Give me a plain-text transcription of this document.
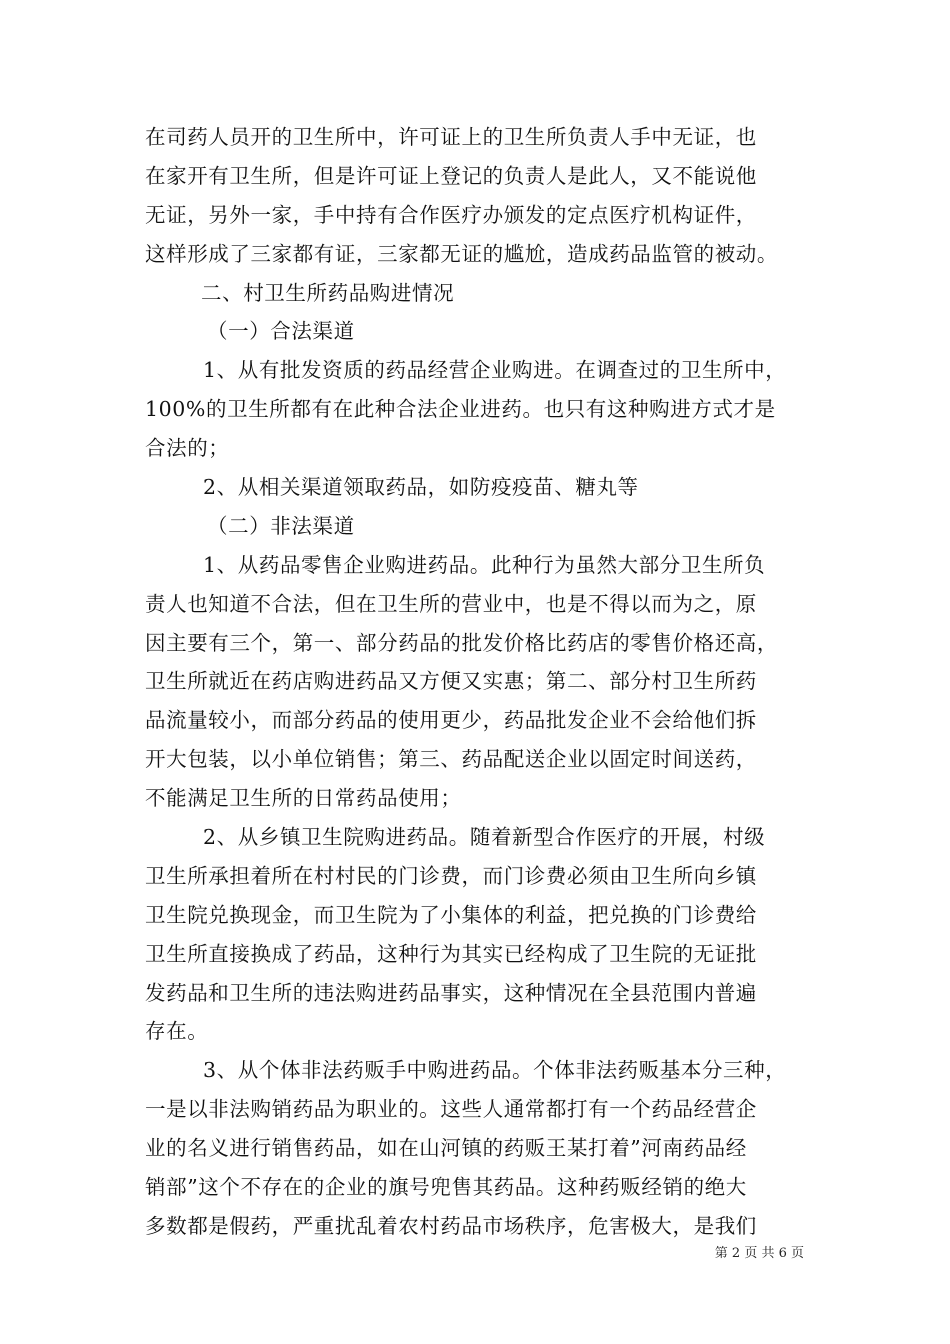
在司药人员开的卫生所中，许可证上的卫生所负责人手中无证，也
在家开有卫生所，但是许可证上登记的负责人是此人，又不能说他
无证，另外一家，手中持有合作医疗办颁发的定点医疗机构证件，
这样形成了三家都有证，三家都无证的尴尬，造成药品监管的被动。
二、村卫生所药品购进情况
（一）合法渠道
1、从有批发资质的药品经营企业购进。在调查过的卫生所中，
100%的卫生所都有在此种合法企业进药。也只有这种购进方式才是
合法的；
2、从相关渠道领取药品，如防疫疫苗、糖丸等
（二）非法渠道
1、从药品零售企业购进药品。此种行为虽然大部分卫生所负
责人也知道不合法，但在卫生所的营业中，也是不得以而为之，原
因主要有三个，第一、部分药品的批发价格比药店的零售价格还高，
卫生所就近在药店购进药品又方便又实惠；第二、部分村卫生所药
品流量较小，而部分药品的使用更少，药品批发企业不会给他们拆
开大包装，以小单位销售；第三、药品配送企业以固定时间送药，
不能满足卫生所的日常药品使用；
2、从乡镇卫生院购进药品。随着新型合作医疗的开展，村级
卫生所承担着所在村村民的门诊费，而门诊费必须由卫生所向乡镇
卫生院兑换现金，而卫生院为了小集体的利益，把兑换的门诊费给
卫生所直接换成了药品，这种行为其实已经构成了卫生院的无证批
发药品和卫生所的违法购进药品事实，这种情况在全县范围内普遍
存在。
3、从个体非法药贩手中购进药品。个体非法药贩基本分三种，
一是以非法购销药品为职业的。这些人通常都打有一个药品经营企
业的名义进行销售药品，如在山河镇的药贩王某打着”河南药品经
销部”这个不存在的企业的旗号兜售其药品。这种药贩经销的绝大
多数都是假药，严重扰乱着农村药品市场秩序，危害极大，是我们
第 2 页 共 6 页
